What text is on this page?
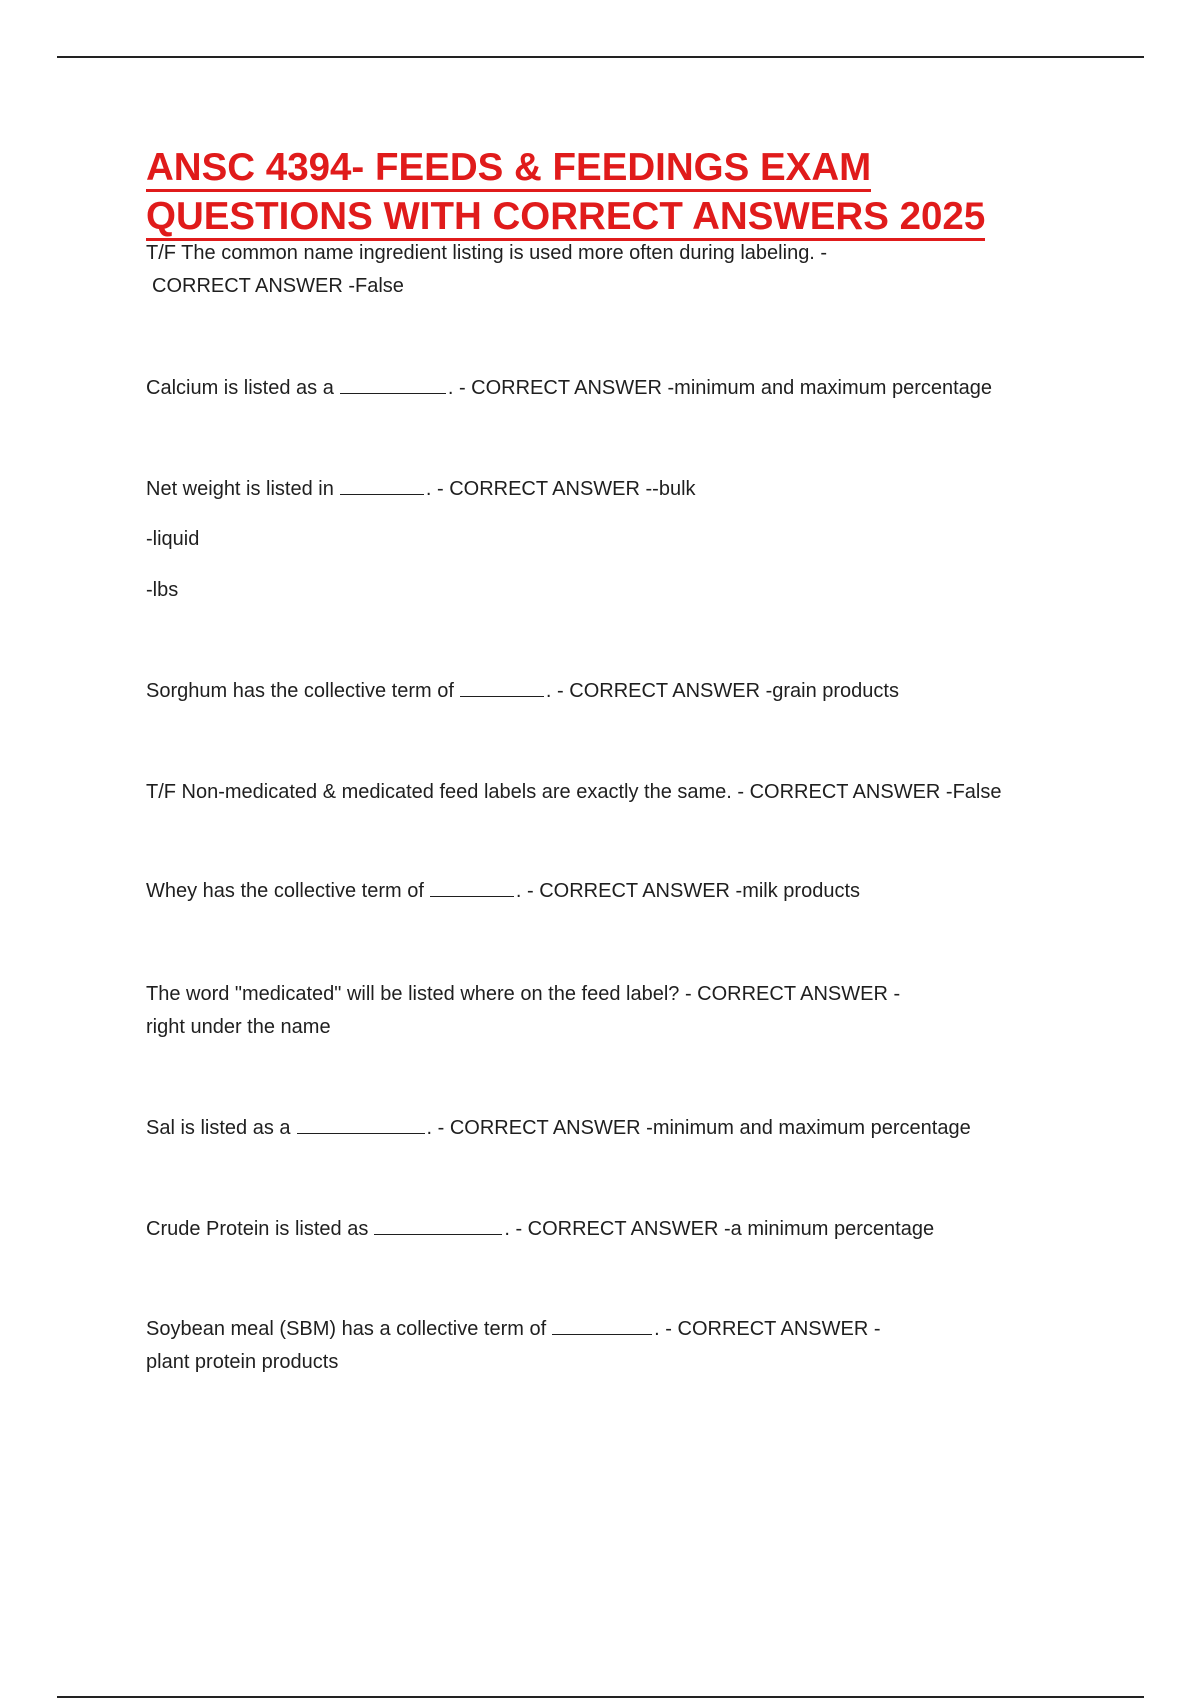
ANSC 4394- FEEDS & FEEDINGS EXAM
QUESTIONS WITH CORRECT ANSWERS 2025
T/F The common name ingredient listing is used more often during labeling. -
CORRECT ANSWER -False
Calcium is listed as a	. - CORRECT ANSWER -minimum and maximum percentage
Net weight is listed in	. - CORRECT ANSWER --bulk
-liquid
-lbs
Sorghum has the collective term of	. - CORRECT ANSWER -grain products
T/F Non-medicated & medicated feed labels are exactly the same. - CORRECT ANSWER -False
Whey has the collective term of	. - CORRECT ANSWER -milk products
The word "medicated" will be listed where on the feed label? - CORRECT ANSWER -
right under the name
Sal is listed as a	. - CORRECT ANSWER -minimum and maximum percentage
Crude Protein is listed as	. - CORRECT ANSWER -a minimum percentage
Soybean meal (SBM) has a collective term of	. - CORRECT ANSWER -
plant protein products
